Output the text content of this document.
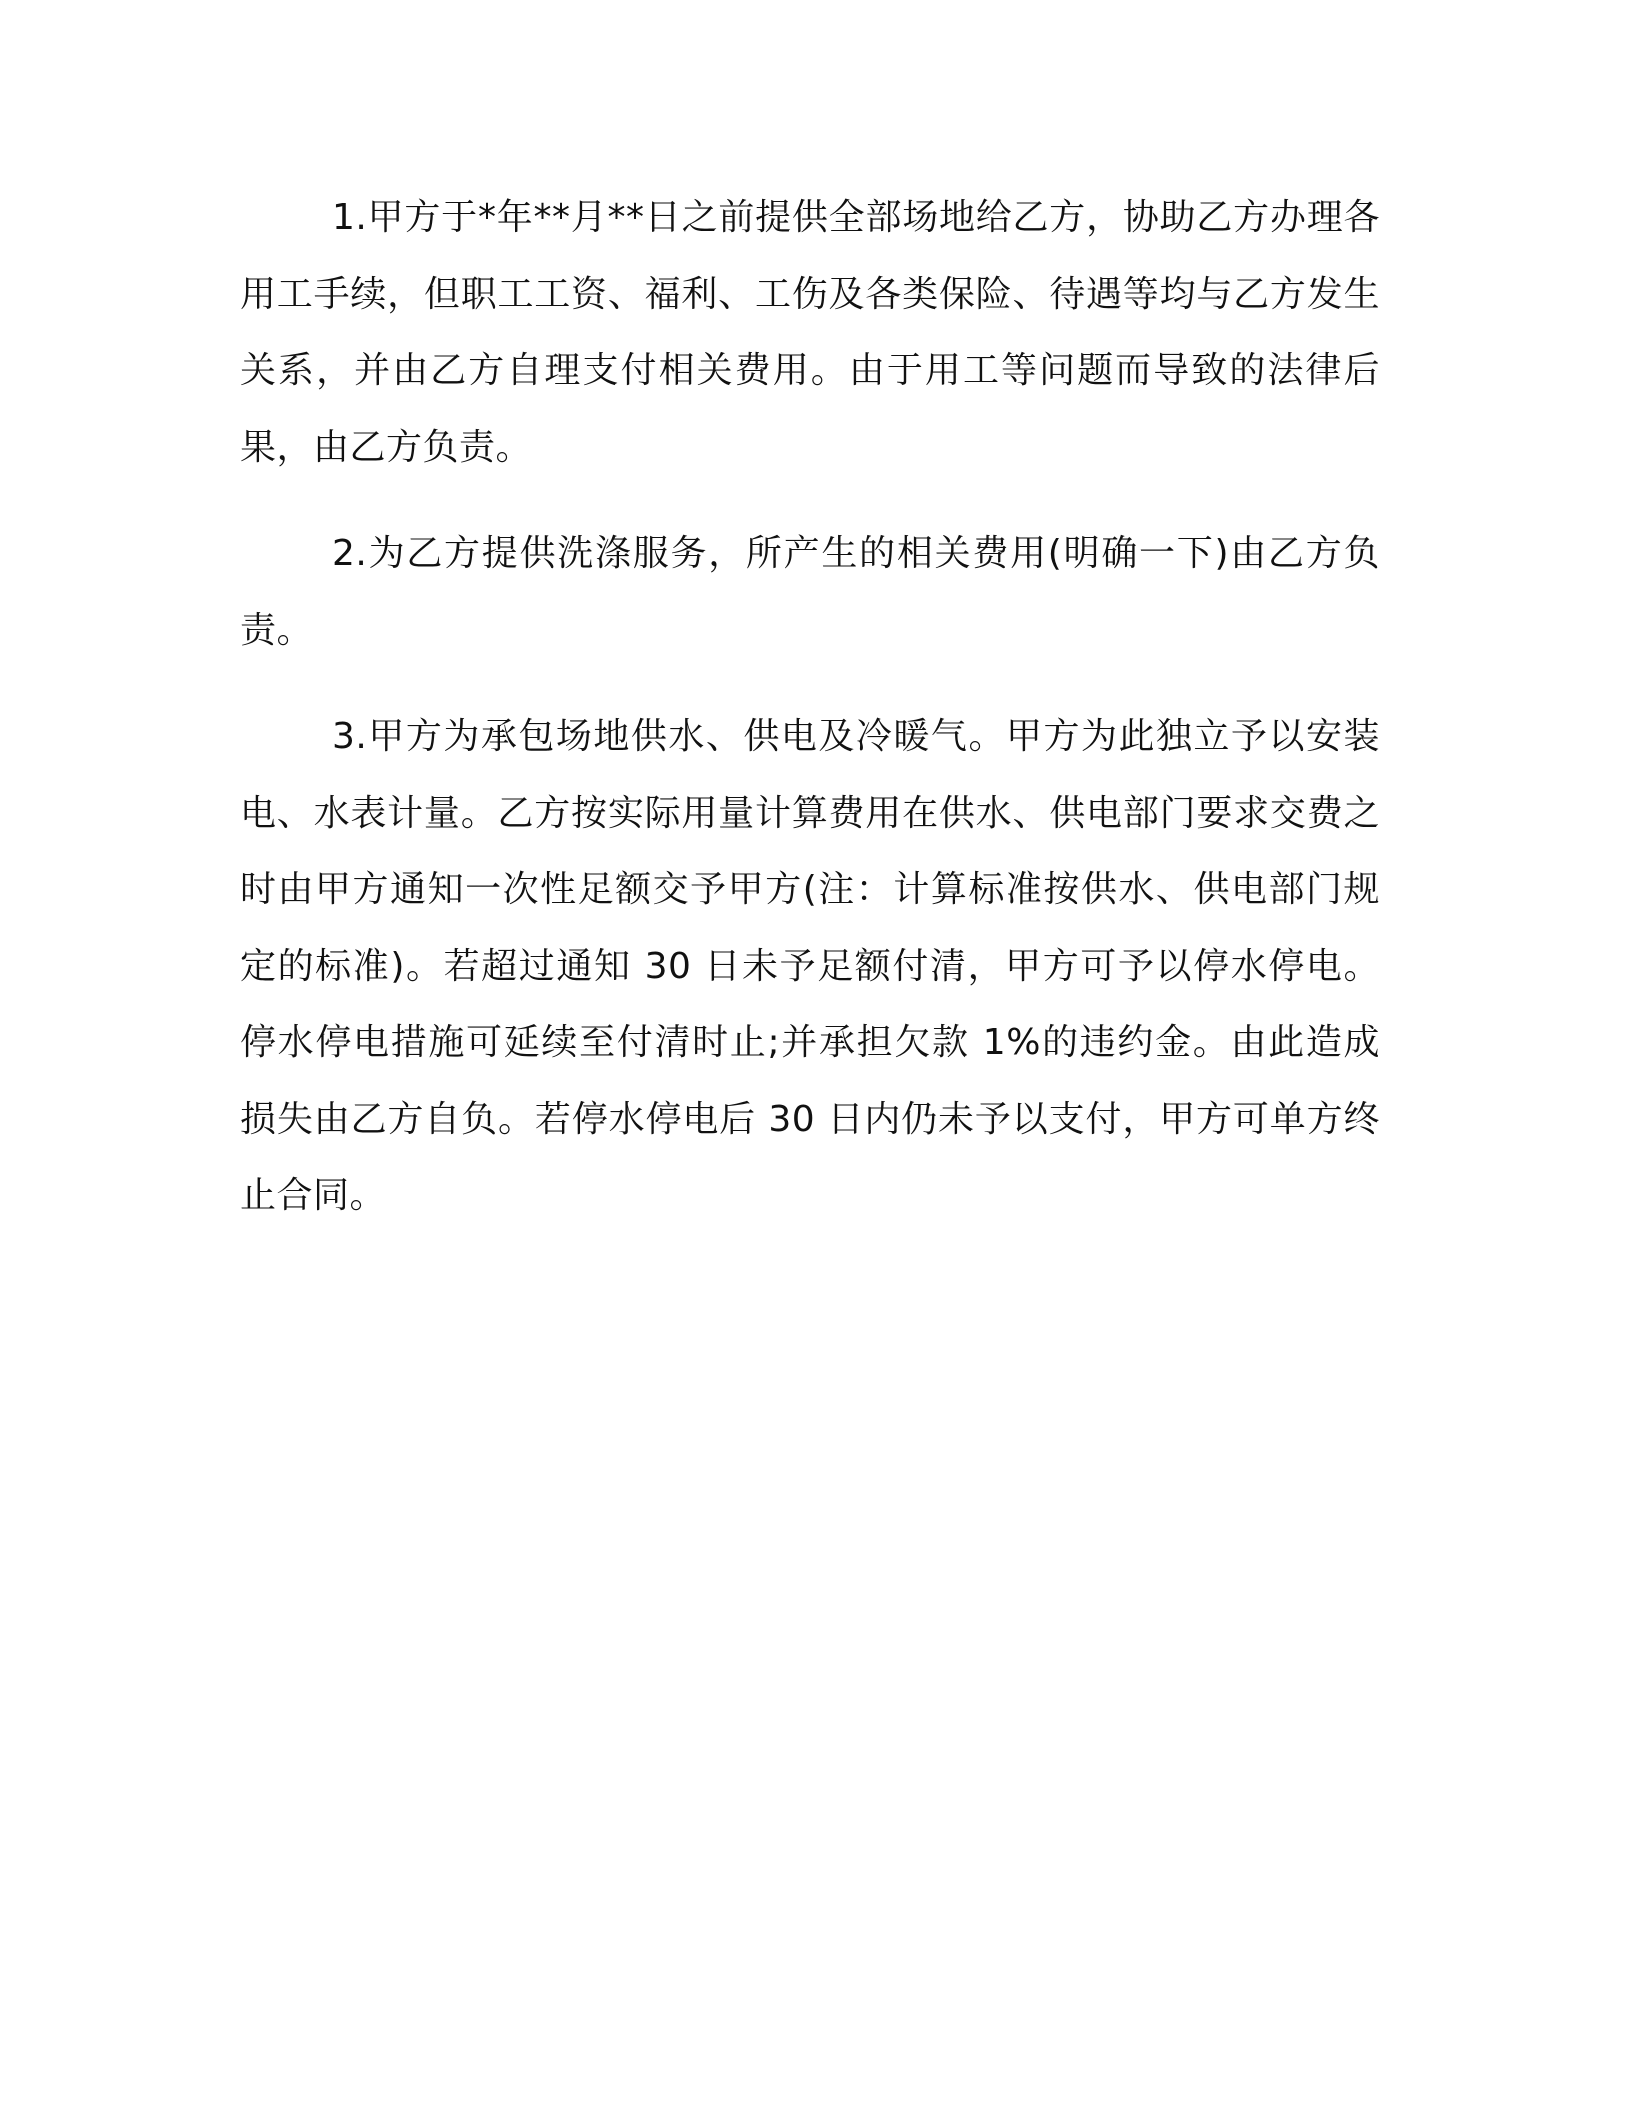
1.甲方于*年**月**日之前提供全部场地给乙方，协助乙方办理各用工手续，但职工工资、福利、工伤及各类保险、待遇等均与乙方发生关系，并由乙方自理支付相关费用。由于用工等问题而导致的法律后果，由乙方负责。

2.为乙方提供洗涤服务，所产生的相关费用(明确一下)由乙方负责。

3.甲方为承包场地供水、供电及冷暖气。甲方为此独立予以安装电、水表计量。乙方按实际用量计算费用在供水、供电部门要求交费之时由甲方通知一次性足额交予甲方(注：计算标准按供水、供电部门规定的标准)。若超过通知 30 日未予足额付清，甲方可予以停水停电。停水停电措施可延续至付清时止;并承担欠款 1%的违约金。由此造成损失由乙方自负。若停水停电后 30 日内仍未予以支付，甲方可单方终止合同。
